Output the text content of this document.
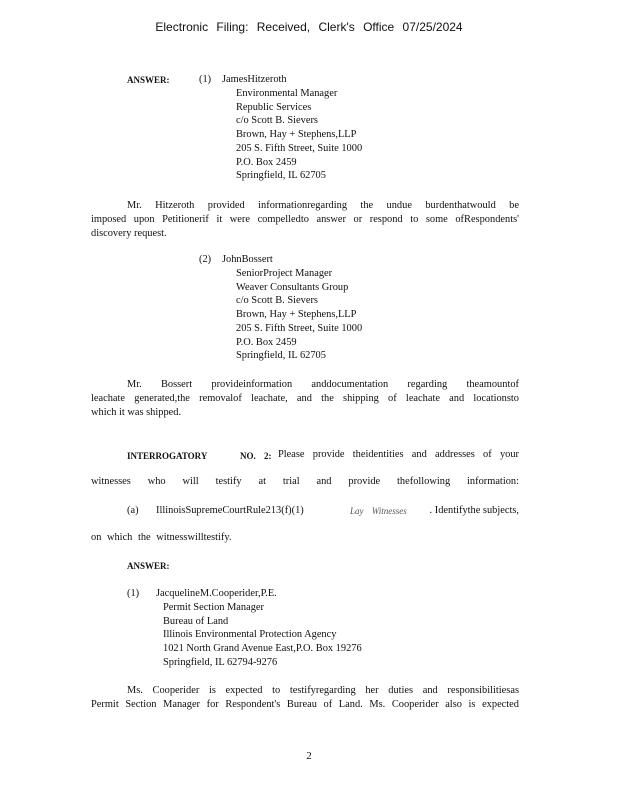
Electronic Filing: Received, Clerk's Office 07/25/2024
ANSWER:	(1) JamesHitzeroth
Environmental Manager
Republic Services
c/o Scott B. Sievers
Brown, Hay + Stephens,LLP
205 S. Fifth Street, Suite 1000
P.O. Box 2459
Springfield, IL 62705
Mr. Hitzeroth provided informationregarding the undue burdenthatwould be
imposed upon Petitionerif it were compelledto answer or respond to some ofRespondents'
discovery request.
(2) JohnBossert
SeniorProject Manager
Weaver Consultants Group
c/o Scott B. Sievers
Brown, Hay + Stephens,LLP
205 S. Fifth Street, Suite 1000
P.O. Box 2459
Springfield, IL 62705
Mr. Bossert provideinformation anddocumentation regarding theamountof
leachate generated,the removalof leachate, and the shipping of leachate and locationsto
which it was shipped.
INTERROGATORY	NO. 2: Please provide theidentities and addresses of your
witnesses who will testify at trial and provide thefollowing information:
(a) IllinoisSupremeCourtRule213(f)(1)	Lay Witnesses	. Identifythe subjects,
on which the witnesswilltestify.
ANSWER:
(1) JacquelineM.Cooperider,P.E.
Permit Section Manager
Bureau of Land
Illinois Environmental Protection Agency
1021 North Grand Avenue East,P.O. Box 19276
Springfield, IL 62794-9276
Ms. Cooperider is expected to testifyregarding her duties and responsibilitiesas
Permit Section Manager for Respondent's Bureau of Land. Ms. Cooperider also is expected
2
